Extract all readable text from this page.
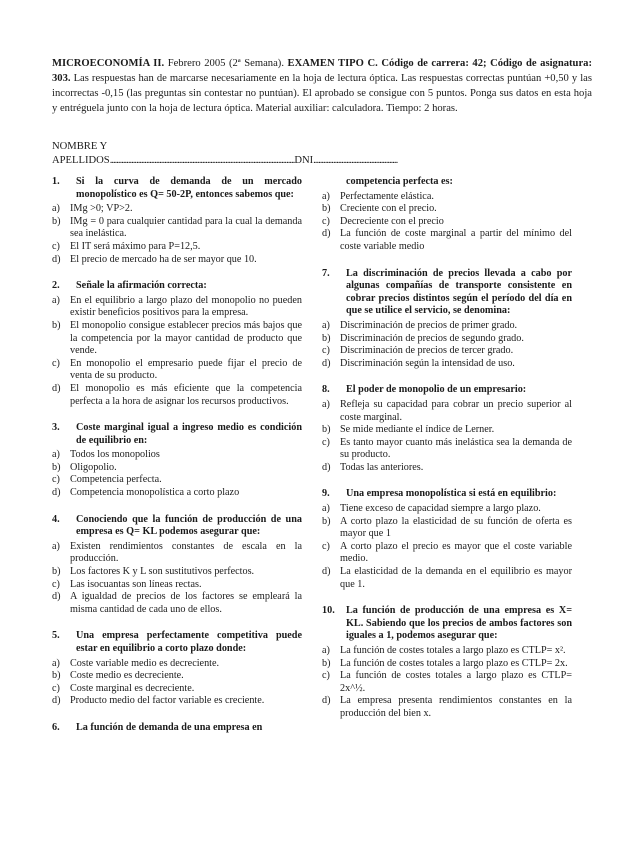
MICROECONOMÍA II. Febrero 2005 (2ª Semana). EXAMEN TIPO C. Código de carrera: 42; Código de asignatura: 303. Las respuestas han de marcarse necesariamente en la hoja de lectura óptica. Las respuestas correctas puntúan +0,50 y las incorrectas -0,15 (las preguntas sin contestar no puntúan). El aprobado se consigue con 5 puntos. Ponga sus datos en esta hoja y entréguela junto con la hoja de lectura óptica. Material auxiliar: calculadora. Tiempo: 2 horas.
NOMBRE Y
APELLIDOS ................................................................................................................ DNI ...................................................
1.	Si la curva de demanda de un mercado monopolístico es Q= 50-2P, entonces sabemos que:
a) IMg >0; VP>2.
b) IMg = 0 para cualquier cantidad para la cual la demanda sea inelástica.
c) El IT será máximo para P=12,5.
d) El precio de mercado ha de ser mayor que 10.
2.	Señale la afirmación correcta:
a) En el equilibrio a largo plazo del monopolio no pueden existir beneficios positivos para la empresa.
b) El monopolio consigue establecer precios más bajos que la competencia por la mayor cantidad de producto que vende.
c) En monopolio el empresario puede fijar el precio de venta de su producto.
d) El monopolio es más eficiente que la competencia perfecta a la hora de asignar los recursos productivos.
3.	Coste marginal igual a ingreso medio es condición de equilibrio en:
a) Todos los monopolios
b) Oligopolio.
c) Competencia perfecta.
d) Competencia monopolística a corto plazo
4.	Conociendo que la función de producción de una empresa es Q= KL podemos asegurar que:
a) Existen rendimientos constantes de escala en la producción.
b) Los factores K y L son sustitutivos perfectos.
c) Las isocuantas son líneas rectas.
d) A igualdad de precios de los factores se empleará la misma cantidad de cada uno de ellos.
5.	Una empresa perfectamente competitiva puede estar en equilibrio a corto plazo donde:
a) Coste variable medio es decreciente.
b) Coste medio es decreciente.
c) Coste marginal es decreciente.
d) Producto medio del factor variable es creciente.
6.	La función de demanda de una empresa en
competencia perfecta es:
a) Perfectamente elástica.
b) Creciente con el precio.
c) Decreciente con el precio
d) La función de coste marginal a partir del mínimo del coste variable medio
7.	La discriminación de precios llevada a cabo por algunas compañías de transporte consistente en cobrar precios distintos según el período del día en que se utilice el servicio, se denomina:
a) Discriminación de precios de primer grado.
b) Discriminación de precios de segundo grado.
c) Discriminación de precios de tercer grado.
d) Discriminación según la intensidad de uso.
8.	El poder de monopolio de un empresario:
a) Refleja su capacidad para cobrar un precio superior al coste marginal.
b) Se mide mediante el índice de Lerner.
c) Es tanto mayor cuanto más inelástica sea la demanda de su producto.
d) Todas las anteriores.
9.	Una empresa monopolística si está en equilibrio:
a) Tiene exceso de capacidad siempre a largo plazo.
b) A corto plazo la elasticidad de su función de oferta es mayor que 1
c) A corto plazo el precio es mayor que el coste variable medio.
d) La elasticidad de la demanda en el equilibrio es mayor que 1.
10.	La función de producción de una empresa es X= KL. Sabiendo que los precios de ambos factores son iguales a 1, podemos asegurar que:
a) La función de costes totales a largo plazo es CTLP= x².
b) La función de costes totales a largo plazo es CTLP= 2x.
c) La función de costes totales a largo plazo es CTLP= 2x^½.
d) La empresa presenta rendimientos constantes en la producción del bien x.
